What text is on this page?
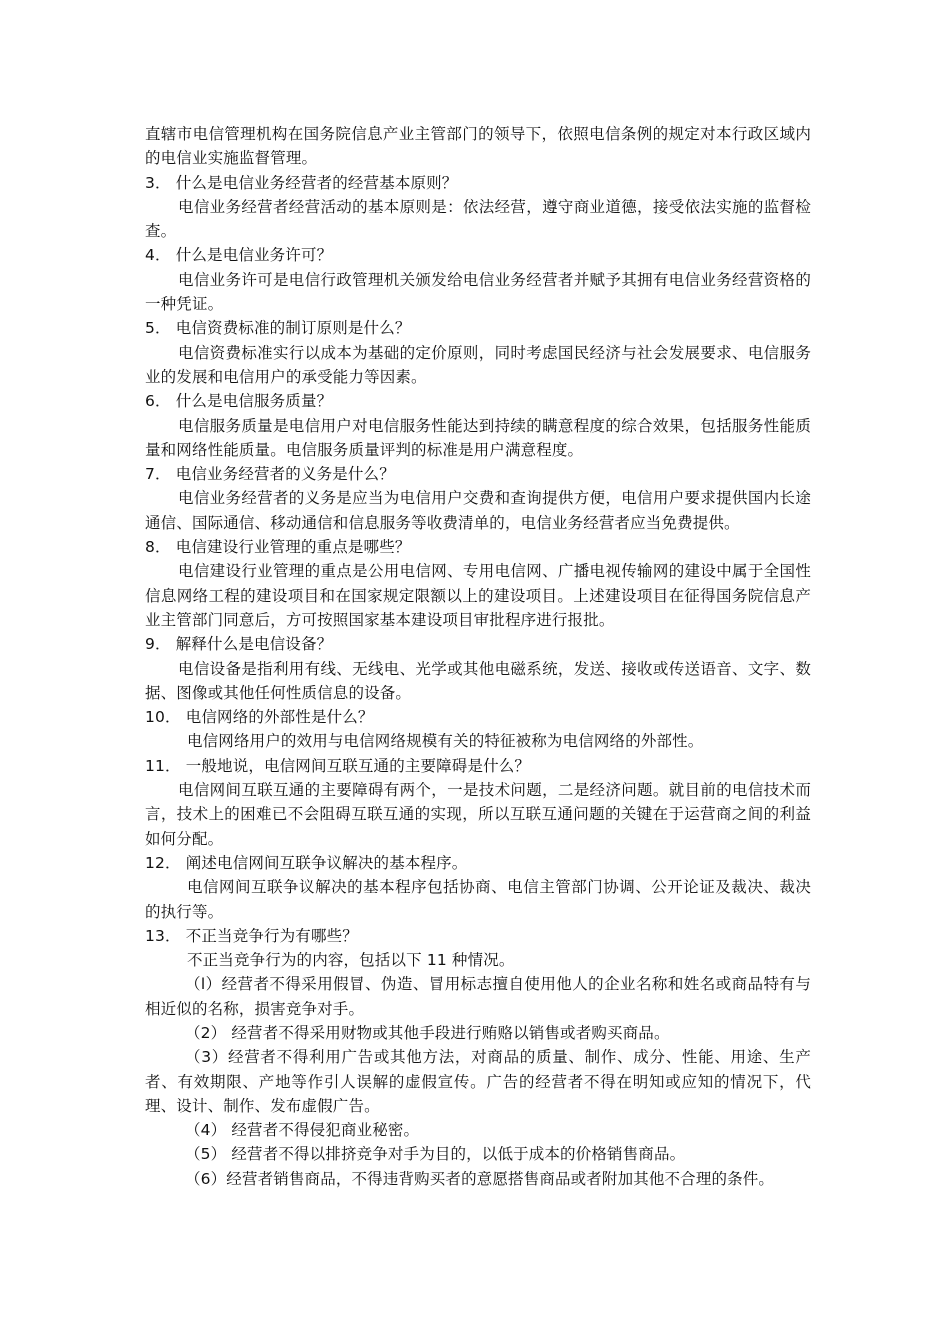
直辖市电信管理机构在国务院信息产业主管部门的领导下，依照电信条例的规定对本行政区域内的电信业实施监督管理。

3． 什么是电信业务经营者的经营基本原则？

电信业务经营者经营活动的基本原则是：依法经营，遵守商业道德，接受依法实施的监督检查。

4． 什么是电信业务许可？

电信业务许可是电信行政管理机关颁发给电信业务经营者并赋予其拥有电信业务经营资格的一种凭证。

5． 电信资费标准的制订原则是什么？

电信资费标准实行以成本为基础的定价原则，同时考虑国民经济与社会发展要求、电信服务业的发展和电信用户的承受能力等因素。

6． 什么是电信服务质量？

电信服务质量是电信用户对电信服务性能达到持续的瞒意程度的综合效果，包括服务性能质量和网络性能质量。电信服务质量评判的标准是用户满意程度。

7． 电信业务经营者的义务是什么？

电信业务经营者的义务是应当为电信用户交费和查询提供方便，电信用户要求提供国内长途通信、国际通信、移动通信和信息服务等收费清单的，电信业务经营者应当免费提供。

8． 电信建设行业管理的重点是哪些？

电信建设行业管理的重点是公用电信网、专用电信网、广播电视传输网的建设中属于全国性信息网络工程的建设项目和在国家规定限额以上的建设项目。上述建设项目在征得国务院信息产业主管部门同意后，方可按照国家基本建设项目审批程序进行报批。

9． 解释什么是电信设备？

电信设备是指利用有线、无线电、光学或其他电磁系统，发送、接收或传送语音、文字、数据、图像或其他任何性质信息的设备。

10． 电信网络的外部性是什么？

电信网络用户的效用与电信网络规模有关的特征被称为电信网络的外部性。

11． 一般地说，电信网间互联互通的主要障碍是什么？

电信网间互联互通的主要障碍有两个，一是技术问题，二是经济问题。就目前的电信技术而言，技术上的困难已不会阻碍互联互通的实现，所以互联互通问题的关键在于运营商之间的利益如何分配。

12． 阐述电信网间互联争议解决的基本程序。

电信网间互联争议解决的基本程序包括协商、电信主管部门协调、公开论证及裁决、裁决的执行等。

13． 不正当竞争行为有哪些？

不正当竞争行为的内容，包括以下 11 种情况。

（l）经营者不得采用假冒、伪造、冒用标志擅自使用他人的企业名称和姓名或商品特有与相近似的名称，损害竞争对手。

（2） 经营者不得采用财物或其他手段进行贿赂以销售或者购买商品。

（3）经营者不得利用广告或其他方法，对商品的质量、制作、成分、性能、用途、生产者、有效期限、产地等作引人误解的虚假宣传。广告的经营者不得在明知或应知的情况下，代理、设计、制作、发布虚假广告。

（4） 经营者不得侵犯商业秘密。

（5） 经营者不得以排挤竞争对手为目的，以低于成本的价格销售商品。

（6）经营者销售商品，不得违背购买者的意愿搭售商品或者附加其他不合理的条件。
